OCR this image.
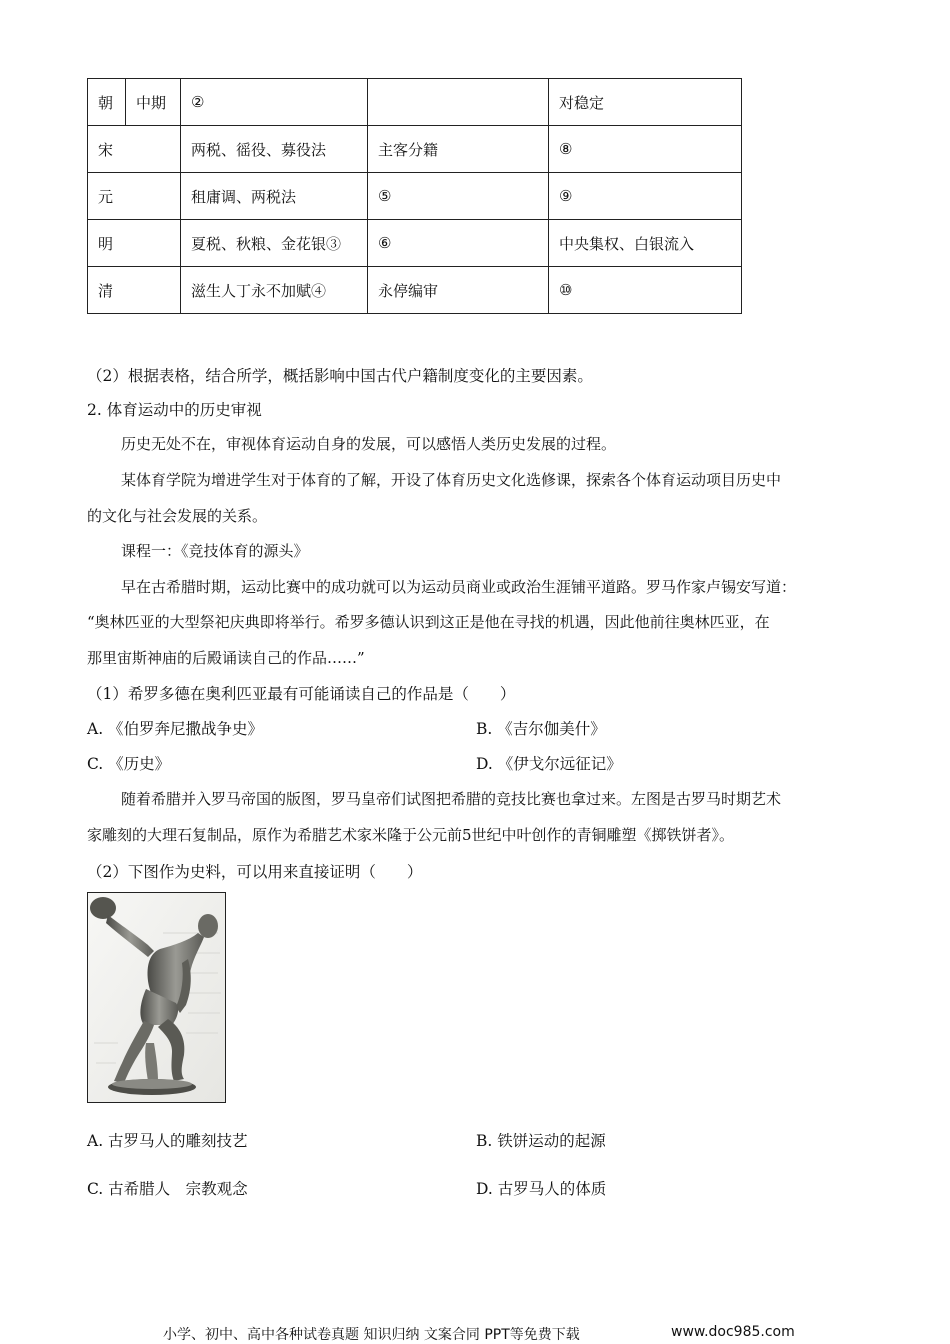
朝	中期	②		对稳定
宋		两税、徭役、募役法	主客分籍	⑧
元		租庸调、两税法	⑤	⑨
明		夏税、秋粮、金花银③	⑥	中央集权、白银流入
清		滋生人丁永不加赋④	永停编审	⑩
（2）根据表格，结合所学，概括影响中国古代户籍制度变化的主要因素。
2. 体育运动中的历史审视
历史无处不在，审视体育运动自身的发展，可以感悟人类历史发展的过程。
某体育学院为增进学生对于体育的了解，开设了体育历史文化选修课，探索各个体育运动项目历史中
的文化与社会发展的关系。
课程一：《竞技体育的源头》
早在古希腊时期，运动比赛中的成功就可以为运动员商业或政治生涯铺平道路。罗马作家卢锡安写道：
“奥林匹亚的大型祭祀庆典即将举行。希罗多德认识到这正是他在寻找的机遇，因此他前往奥林匹亚，在
那里宙斯神庙的后殿诵读自己的作品……”
（1）希罗多德在奥利匹亚最有可能诵读自己的作品是（　　）
A. 《伯罗奔尼撒战争史》	B. 《吉尔伽美什》
C. 《历史》	D. 《伊戈尔远征记》
随着希腊并入罗马帝国的版图，罗马皇帝们试图把希腊的竞技比赛也拿过来。左图是古罗马时期艺术
家雕刻的大理石复制品，原作为希腊艺术家米隆于公元前5世纪中叶创作的青铜雕塑《掷铁饼者》。
（2）下图作为史料，可以用来直接证明（　　）
A. 古罗马人的雕刻技艺	B. 铁饼运动的起源
C. 古希腊人　宗教观念	D. 古罗马人的体质
小学、初中、高中各种试卷真题 知识归纳 文案合同 PPT等免费下载	www.doc985.com
